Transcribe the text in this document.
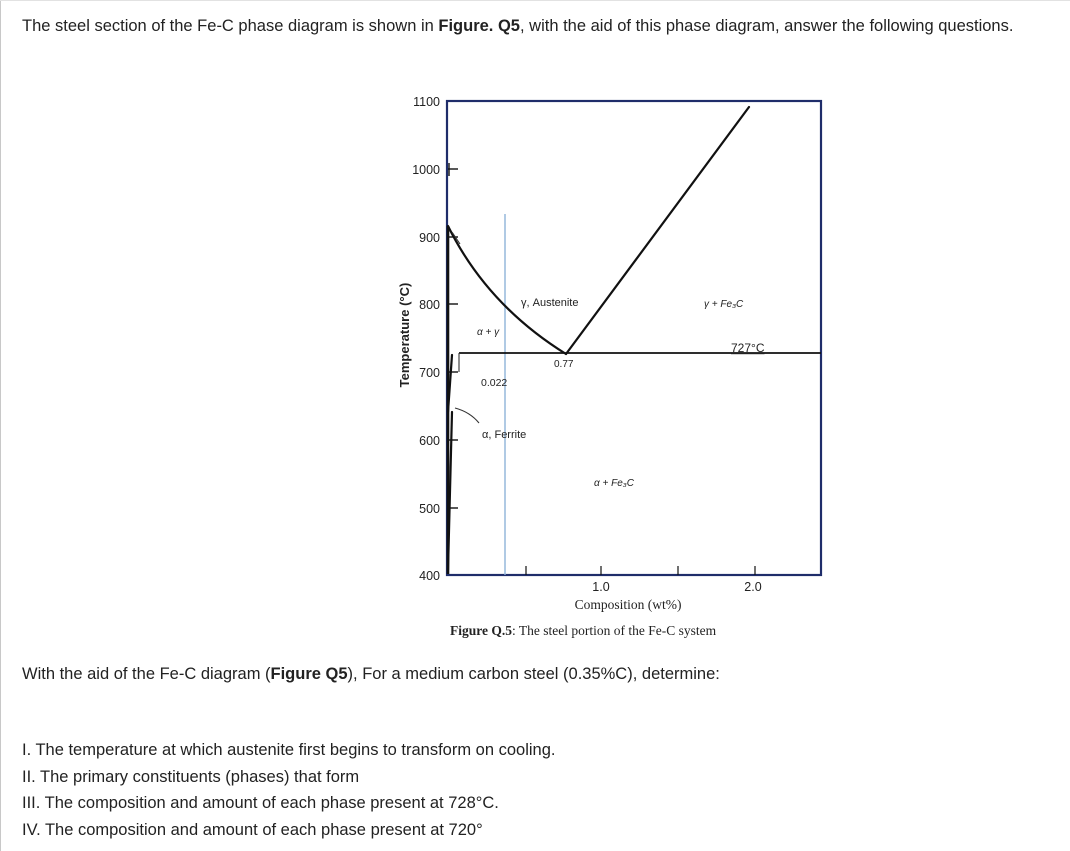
The steel section of the Fe-C phase diagram is shown in Figure. Q5, with the aid of this phase diagram, answer the following questions.
1100
1000
900
800
700
600
500
400
Temperature (°C)
1.0	2.0
Composition (wt%)
γ, Austenite	γ + Fe₃C
α + γ
α, Ferrite
α + Fe₃C
0.77
0.022
727°C
Figure Q.5: The steel portion of the Fe-C system
With the aid of the Fe-C diagram (Figure Q5), For a medium carbon steel (0.35%C), determine:
I. The temperature at which austenite first begins to transform on cooling.
II. The primary constituents (phases) that form
III. The composition and amount of each phase present at 728°C.
IV. The composition and amount of each phase present at 720°
